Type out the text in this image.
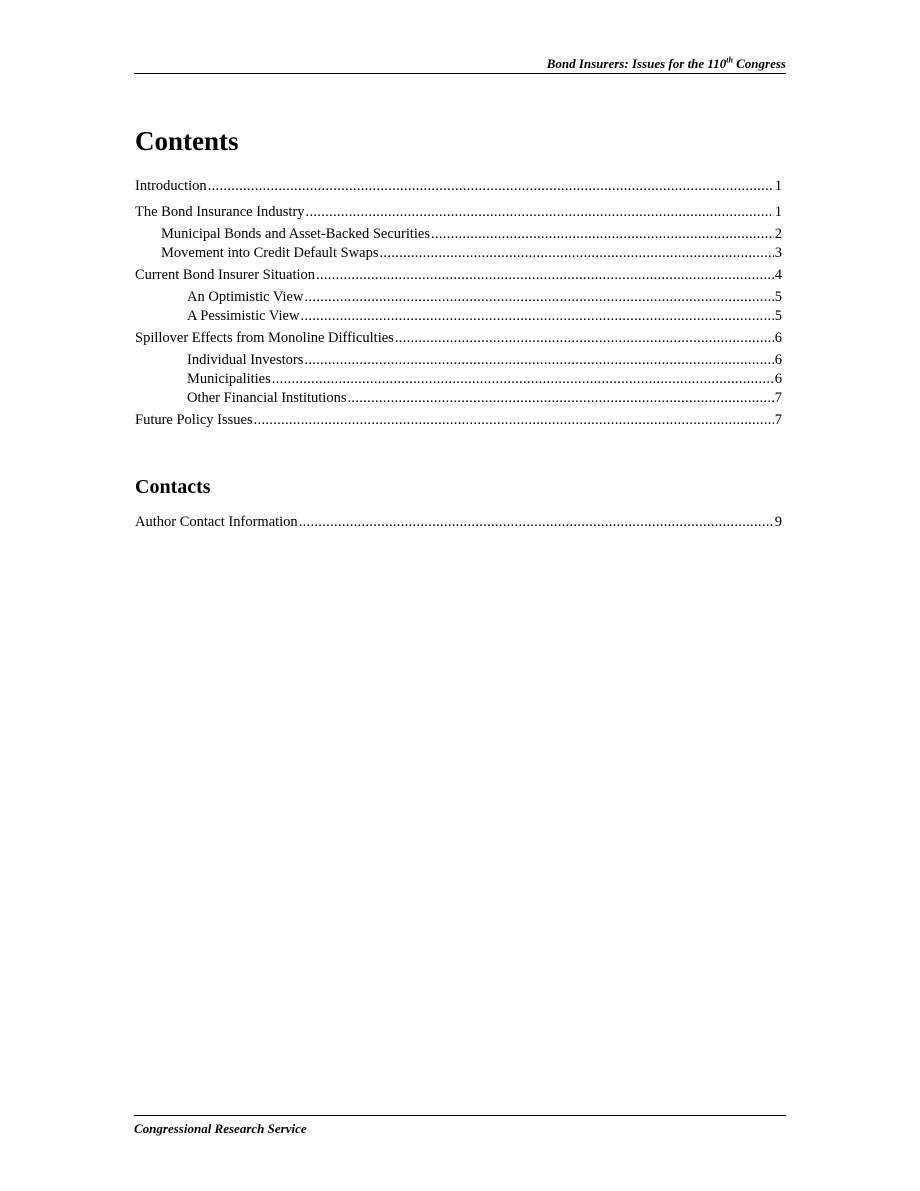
Bond Insurers: Issues for the 110th Congress
Contents
Introduction .....	1
The Bond Insurance Industry .....	1
Municipal Bonds and Asset-Backed Securities .....	2
Movement into Credit Default Swaps .....	3
Current Bond Insurer Situation .....	4
An Optimistic View .....	5
A Pessimistic View .....	5
Spillover Effects from Monoline Difficulties .....	6
Individual Investors .....	6
Municipalities .....	6
Other Financial Institutions .....	7
Future Policy Issues .....	7
Contacts
Author Contact Information .....	9
Congressional Research Service
